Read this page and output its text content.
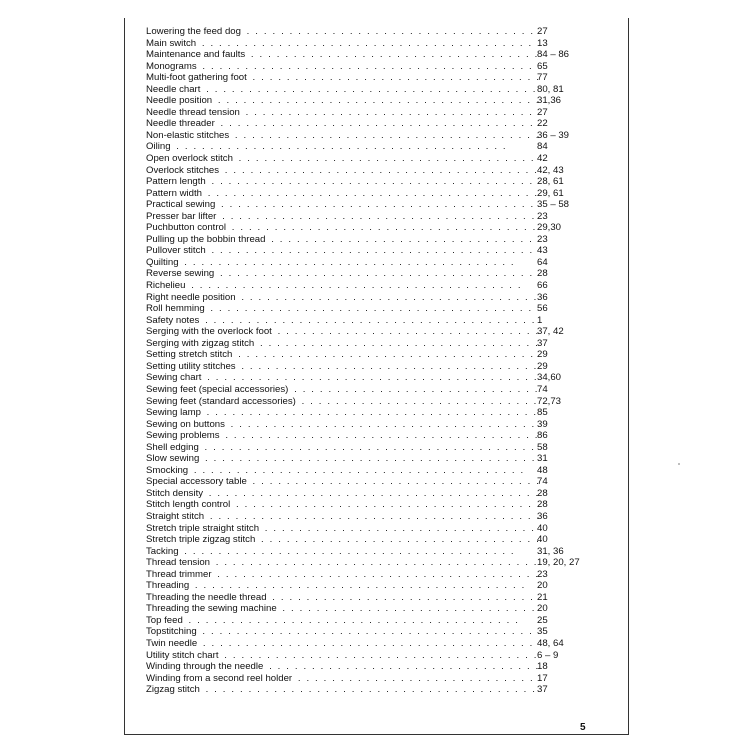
Lowering the feed dog . .	27
Main switch . .	13
Maintenance and faults . .	84 – 86
Monograms . .	65
Multi-foot gathering foot . .	77
Needle chart . .	80, 81
Needle position . .	31,36
Needle thread tension . .	27
Needle threader . .	22
Non-elastic stitches . .	36 – 39
Oiling . .	84
Open overlock stitch . .	42
Overlock stitches . .	42, 43
Pattern length . .	28, 61
Pattern width . .	29, 61
Practical sewing . .	35 – 58
Presser bar lifter . .	23
Puchbutton control . .	29,30
Pulling up the bobbin thread . .	23
Pullover stitch . .	43
Quilting . .	64
Reverse sewing . .	28
Richelieu . .	66
Right needle position . .	36
Roll hemming . .	56
Safety notes . .	1
Serging with the overlock foot . .	37, 42
Serging with zigzag stitch . .	37
Setting stretch stitch . .	29
Setting utility stitches . .	29
Sewing chart . .	34,60
Sewing feet (special accessories) . .	74
Sewing feet (standard accessories) . .	72,73
Sewing lamp . .	85
Sewing on buttons . .	39
Sewing problems . .	86
Shell edging . .	58
Slow sewing . .	31
Smocking . .	48
Special accessory table . .	74
Stitch density . .	28
Stitch length control . .	28
Straight stitch . .	36
Stretch triple straight stitch . .	40
Stretch triple zigzag stitch . .	40
Tacking . .	31, 36
Thread tension . .	19, 20, 27
Thread trimmer . .	23
Threading . .	20
Threading the needle thread . .	21
Threading the sewing machine . .	20
Top feed . .	25
Topstitching . .	35
Twin needle . .	48, 64
Utility stitch chart . .	6 – 9
Winding through the needle . .	18
Winding from a second reel holder . .	17
Zigzag stitch . .	37
5
